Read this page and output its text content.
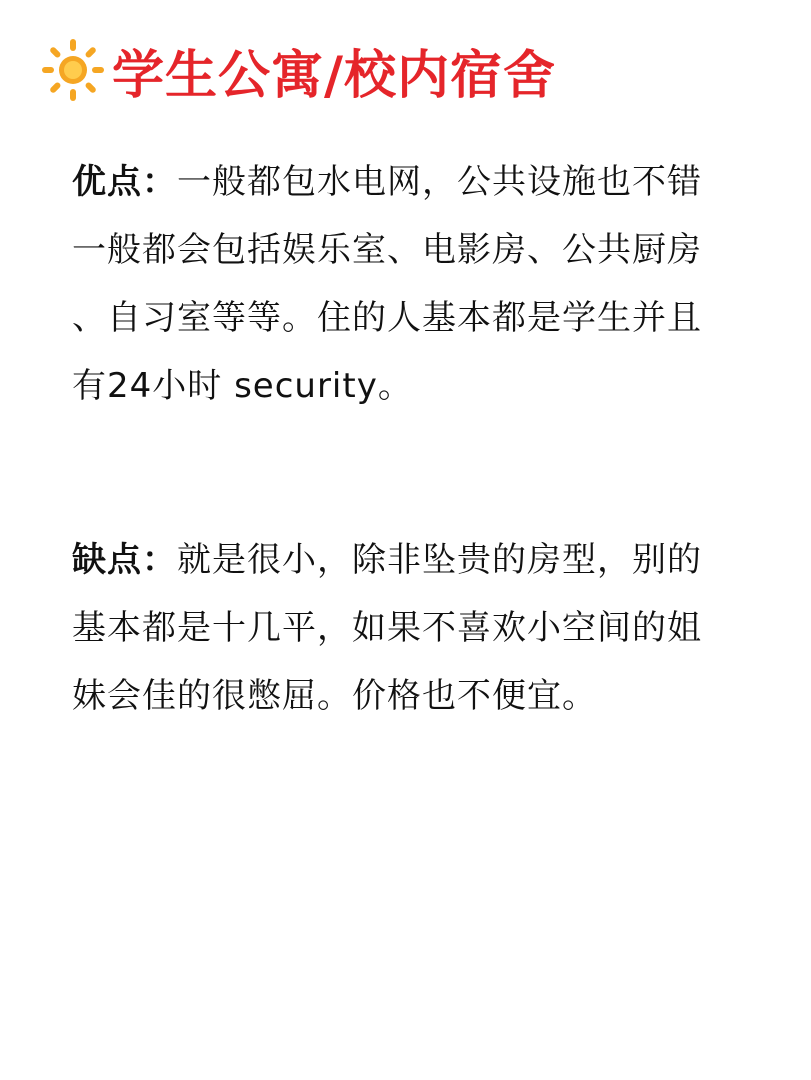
学生公寓/校内宿舍
优点：一般都包水电网，公共设施也不错
一般都会包括娱乐室、电影房、公共厨房
、自习室等等。住的人基本都是学生并且
有24小时 security。
缺点：就是很小，除非坠贵的房型，别的
基本都是十几平，如果不喜欢小空间的姐
妹会佳的很憋屈。价格也不便宜。
